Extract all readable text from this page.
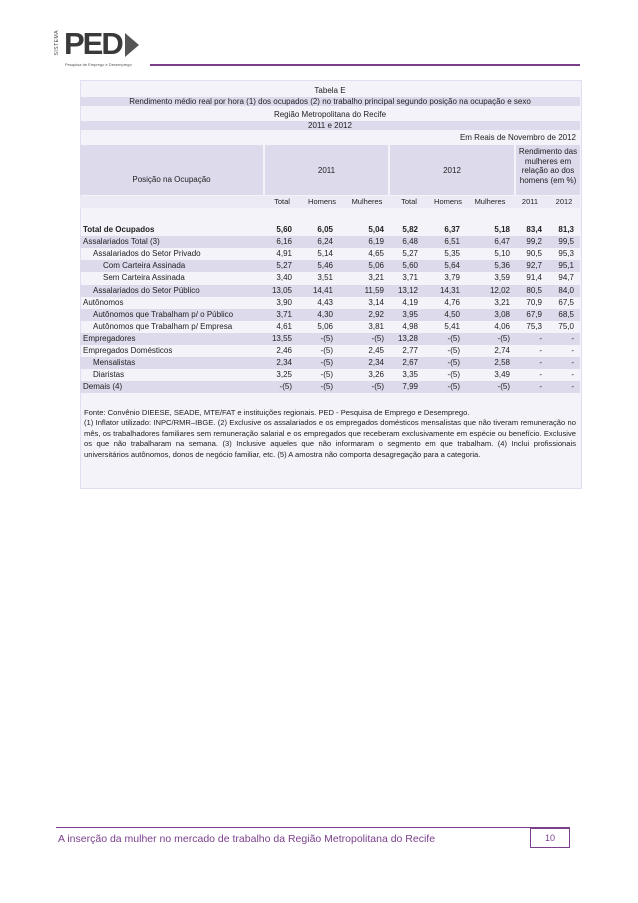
SISTEMA PED
Pesquisa de Emprego e Desemprego
Tabela E
Rendimento médio real por hora (1) dos ocupados (2) no trabalho principal segundo posição na ocupação e sexo
Região Metropolitana do Recife
2011 e 2012
Em Reais de Novembro de 2012
Posição na Ocupação
2011	2012
Rendimento das mulheres em relação ao dos homens (em %)
Total	Homens	Mulheres	Total	Homens	Mulheres	2011	2012
Total de Ocupados	5,60	6,05	5,04 5,82	6,37	5,18 83,4 81,3
Assalariados Total (3)	6,16	6,24	6,19 6,48	6,51	6,47 99,2 99,5
Assalariados do Setor Privado	4,91	5,14	4,65 5,27	5,35	5,10 90,5 95,3
Com Carteira Assinada	5,27	5,46	5,06 5,60	5,64	5,36 92,7 95,1
Sem Carteira Assinada	3,40	3,51	3,21 3,71	3,79	3,59 91,4 94,7
Assalariados do Setor Público	13,05	14,41	11,59 13,12	14,31	12,02 80,5 84,0
Autônomos	3,90	4,43	3,14 4,19	4,76	3,21 70,9 67,5
Autônomos que Trabalham p/ o Público	3,71	4,30	2,92 3,95	4,50	3,08 67,9 68,5
Autônomos que Trabalham p/ Empresa	4,61	5,06	3,81 4,98	5,41	4,06 75,3 75,0
Empregadores	13,55	-(5)	-(5) 13,28	-(5)	-(5)	-	-
Empregados Domésticos	2,46	-(5)	2,45 2,77	-(5)	2,74	-	-
Mensalistas	2,34	-(5)	2,34 2,67	-(5)	2,58	-	-
Diaristas	3,25	-(5)	3,26 3,35	-(5)	3,49	-	-
Demais (4)	-(5)	-(5)	-(5) 7,99	-(5)	-(5)	-	-
Fonte: Convênio DIEESE, SEADE, MTE/FAT e instituições regionais. PED - Pesquisa de Emprego e Desemprego.
(1) Inflator utilizado: INPC/RMR–IBGE. (2) Exclusive os assalariados e os empregados domésticos mensalistas que não tiveram remuneração no mês, os trabalhadores familiares sem remuneração salarial e os empregados que receberam exclusivamente em espécie ou benefício. Exclusive os que não trabalharam na semana. (3) Inclusive aqueles que não informaram o segmento em que trabalham. (4) Inclui profissionais universitários autônomos, donos de negócio familiar, etc. (5) A amostra não comporta desagregação para a categoria.
A inserção da mulher no mercado de trabalho da Região Metropolitana do Recife	10
